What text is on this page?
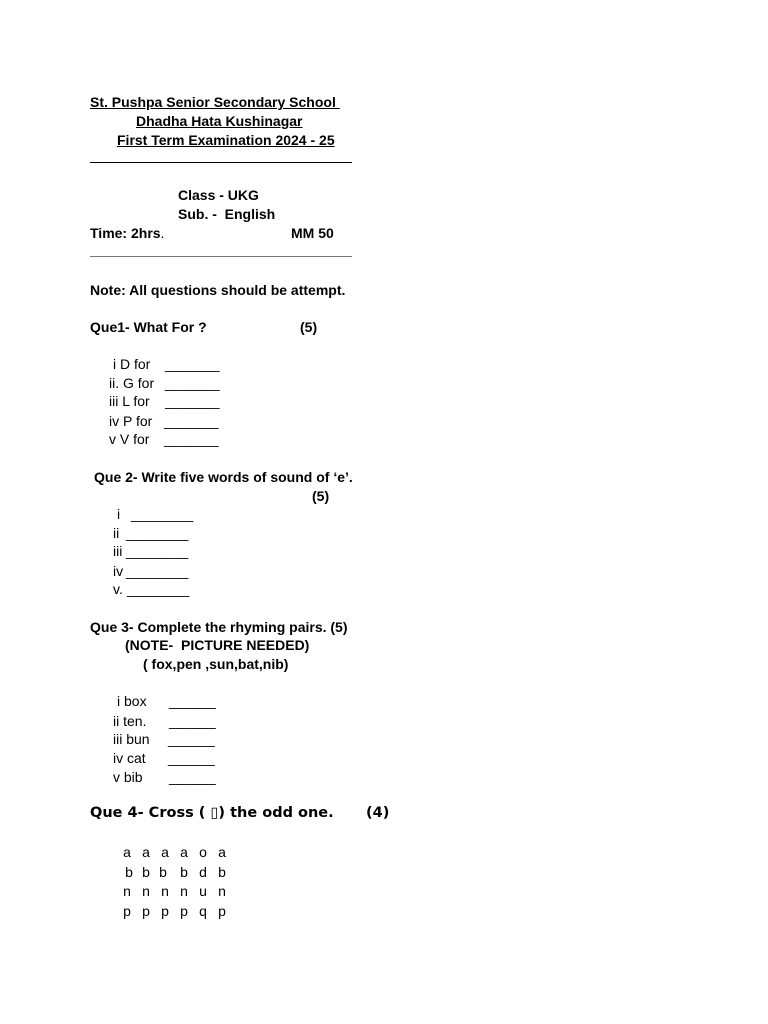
St. Pushpa Senior Secondary School
Dhadha Hata Kushinagar
First Term Examination 2024 - 25
Class - UKG
Sub. -  English
Time: 2hrs.	MM 50
Note: All questions should be attempt.
Que1- What For ?	(5)
i D for _______
ii. G for _______
iii L for _______
iv P for _______
v V for _______
Que 2- Write five words of sound of ‘e’.
(5)
i ________
ii ________
iii ________
iv ________
v. ________
Que 3- Complete the rhyming pairs. (5)
(NOTE-  PICTURE NEEDED)
( fox,pen ,sun,bat,nib)
i box ______
ii ten. ______
iii bun ______
iv cat ______
v bib ______
Que 4- Cross ( ▯) the odd one. (4)
a a a a o a
b b b b d b
n n n n u n
p p p p q p
